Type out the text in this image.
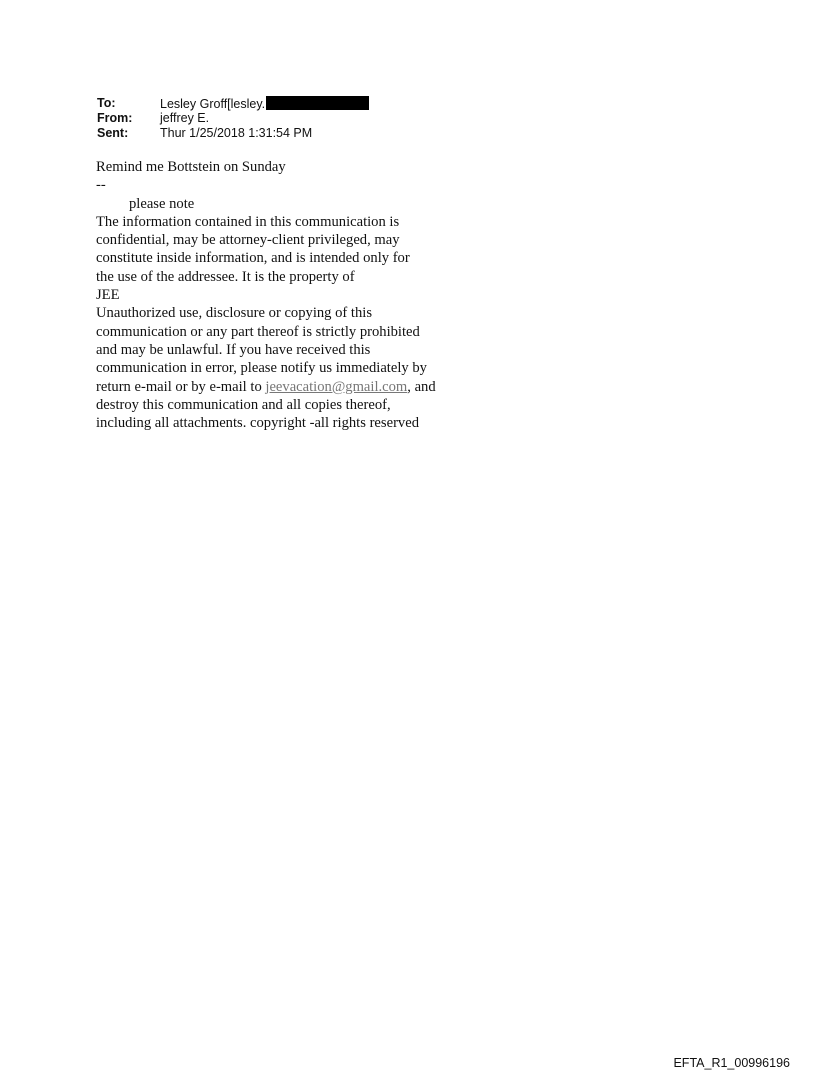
To:	Lesley Groff[lesley.
From:	jeffrey E.
Sent:	Thur 1/25/2018 1:31:54 PM
Remind me Bottstein on Sunday
--
please note
The information contained in this communication is
confidential, may be attorney-client privileged, may
constitute inside information, and is intended only for
the use of the addressee. It is the property of
JEE
Unauthorized use, disclosure or copying of this
communication or any part thereof is strictly prohibited
and may be unlawful. If you have received this
communication in error, please notify us immediately by
return e-mail or by e-mail to jeevacation@gmail.com, and
destroy this communication and all copies thereof,
including all attachments. copyright -all rights reserved
EFTA_R1_00996196
